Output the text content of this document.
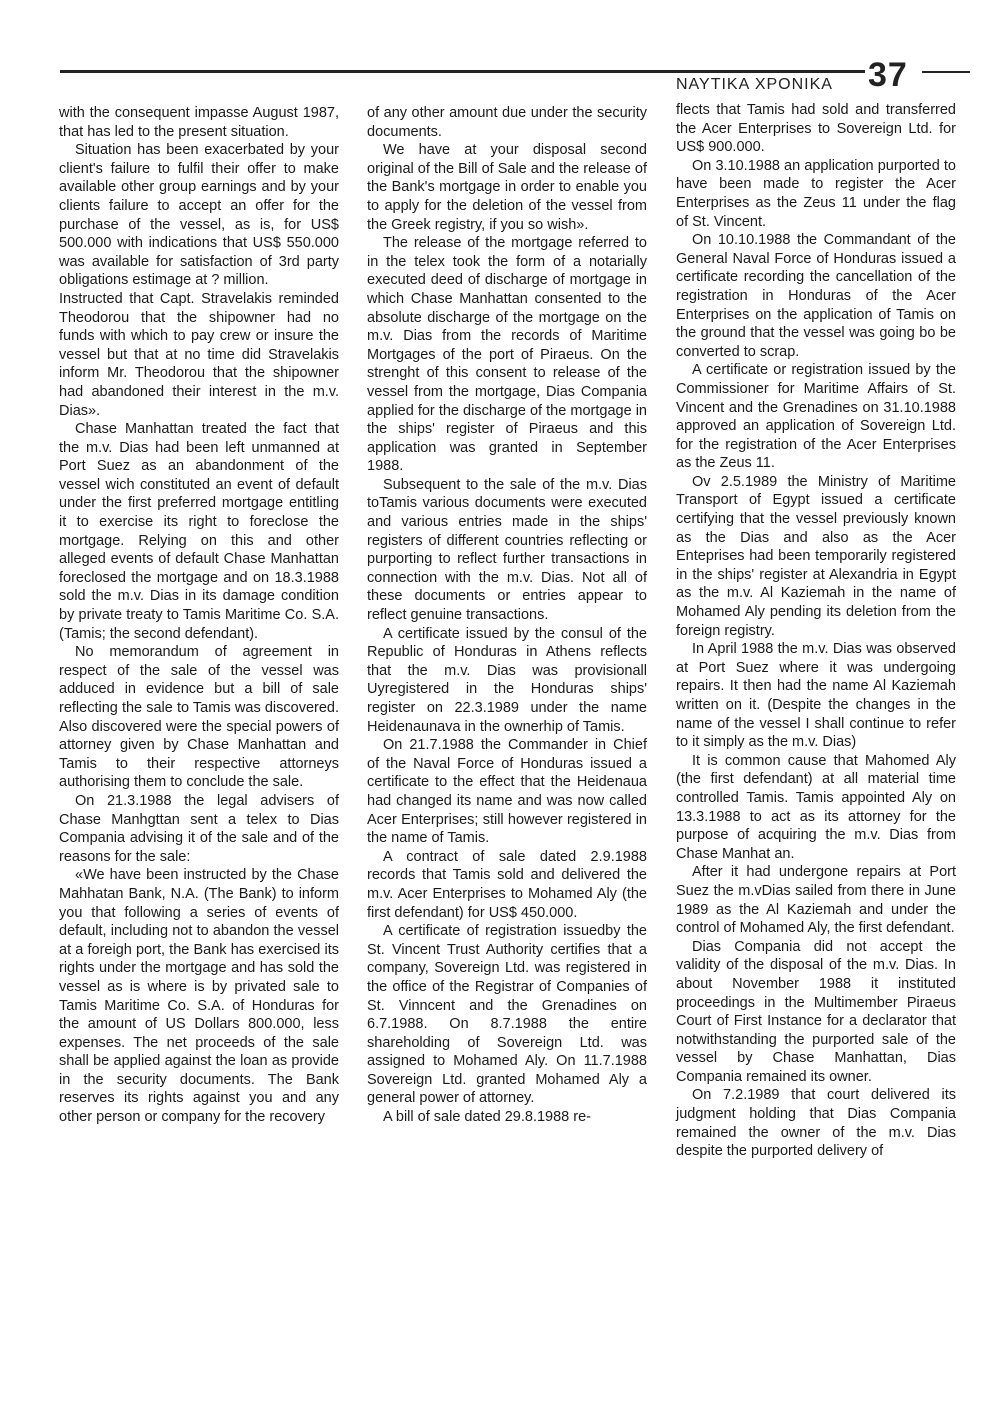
ΝΑΥΤΙΚΑ ΧΡΟΝΙΚΑ 37

with the consequent impasse August 1987, that has led to the present situation.

Situation has been exacerbated by your client's failure to fulfil their offer to make available other group earnings and by your clients failure to accept an offer for the purchase of the vessel, as is, for US$ 500.000 with indications that US$ 550.000 was available for satisfaction of 3rd party obligations estimage at ? million.

Instructed that Capt. Stravelakis reminded Theodorou that the shipowner had no funds with which to pay crew or insure the vessel but that at no time did Stravelakis inform Mr. Theodorou that the shipowner had abandoned their interest in the m.v. Dias».

Chase Manhattan treated the fact that the m.v. Dias had been left unmanned at Port Suez as an abandonment of the vessel wich constituted an event of default under the first preferred mortgage entitling it to exercise its right to foreclose the mortgage. Relying on this and other alleged events of default Chase Manhattan foreclosed the mortgage and on 18.3.1988 sold the m.v. Dias in its damage condition by private treaty to Tamis Maritime Co. S.A. (Tamis; the second defendant).

No memorandum of agreement in respect of the sale of the vessel was adduced in evidence but a bill of sale reflecting the sale to Tamis was discovered. Also discovered were the special powers of attorney given by Chase Manhattan and Tamis to their respective attorneys authorising them to conclude the sale.

On 21.3.1988 the legal advisers of Chase Manhgttan sent a telex to Dias Compania advising it of the sale and of the reasons for the sale:

«We have been instructed by the Chase Mahhatan Bank, N.A. (The Bank) to inform you that following a series of events of default, including not to abandon the vessel at a foreigh port, the Bank has exercised its rights under the mortgage and has sold the vessel as is where is by privated sale to Tamis Maritime Co. S.A. of Honduras for the amount of US Dollars 800.000, less expenses. The net proceeds of the sale shall be applied against the loan as provide in the security documents. The Bank reserves its rights against you and any other person or company for the recovery

of any other amount due under the security documents.

We have at your disposal second original of the Bill of Sale and the release of the Bank's mortgage in order to enable you to apply for the deletion of the vessel from the Greek registry, if you so wish».

The release of the mortgage referred to in the telex took the form of a notarially executed deed of discharge of mortgage in which Chase Manhattan consented to the absolute discharge of the mortgage on the m.v. Dias from the records of Maritime Mortgages of the port of Piraeus. On the strenght of this consent to release of the vessel from the mortgage, Dias Compania applied for the discharge of the mortgage in the ships' register of Piraeus and this application was granted in September 1988.

Subsequent to the sale of the m.v. Dias toTamis various documents were executed and various entries made in the ships' registers of different countries reflecting or purporting to reflect further transactions in connection with the m.v. Dias. Not all of these documents or entries appear to reflect genuine transactions.

A certificate issued by the consul of the Republic of Honduras in Athens reflects that the m.v. Dias was provisionall Uyregistered in the Honduras ships' register on 22.3.1989 under the name Heidenaunava in the ownerhip of Tamis.

On 21.7.1988 the Commander in Chief of the Naval Force of Honduras issued a certificate to the effect that the Heidenaua had changed its name and was now called Acer Enterprises; still however registered in the name of Tamis.

A contract of sale dated 2.9.1988 records that Tamis sold and delivered the m.v. Acer Enterprises to Mohamed Aly (the first defendant) for US$ 450.000.

A certificate of registration issuedby the St. Vincent Trust Authority certifies that a company, Sovereign Ltd. was registered in the office of the Registrar of Companies of St. Vinncent and the Grenadines on 6.7.1988. On 8.7.1988 the entire shareholding of Sovereign Ltd. was assigned to Mohamed Aly. On 11.7.1988 Sovereign Ltd. granted Mohamed Aly a general power of attorney.

A bill of sale dated 29.8.1988 re-

flects that Tamis had sold and transferred the Acer Enterprises to Sovereign Ltd. for US$ 900.000.

On 3.10.1988 an application purported to have been made to register the Acer Enterprises as the Zeus 11 under the flag of St. Vincent.

On 10.10.1988 the Commandant of the General Naval Force of Honduras issued a certificate recording the cancellation of the registration in Honduras of the Acer Enterprises on the application of Tamis on the ground that the vessel was going bo be converted to scrap.

A certificate or registration issued by the Commissioner for Maritime Affairs of St. Vincent and the Grenadines on 31.10.1988 approved an application of Sovereign Ltd. for the registration of the Acer Enterprises as the Zeus 11.

Ov 2.5.1989 the Ministry of Maritime Transport of Egypt issued a certificate certifying that the vessel previously known as the Dias and also as the Acer Enteprises had been temporarily registered in the ships' register at Alexandria in Egypt as the m.v. Al Kaziemah in the name of Mohamed Aly pending its deletion from the foreign registry.

In April 1988 the m.v. Dias was observed at Port Suez where it was undergoing repairs. It then had the name Al Kaziemah written on it. (Despite the changes in the name of the vessel I shall continue to refer to it simply as the m.v. Dias)

It is common cause that Mahomed Aly (the first defendant) at all material time controlled Tamis. Tamis appointed Aly on 13.3.1988 to act as its attorney for the purpose of acquiring the m.v. Dias from Chase Manhat an.

After it had undergone repairs at Port Suez the m.vDias sailed from there in June 1989 as the Al Kaziemah and under the control of Mohamed Aly, the first defendant.

Dias Compania did not accept the validity of the disposal of the m.v. Dias. In about November 1988 it instituted proceedings in the Multimember Piraeus Court of First Instance for a declarator that notwithstanding the purported sale of the vessel by Chase Manhattan, Dias Compania remained its owner.

On 7.2.1989 that court delivered its judgment holding that Dias Compania remained the owner of the m.v. Dias despite the purported delivery of
